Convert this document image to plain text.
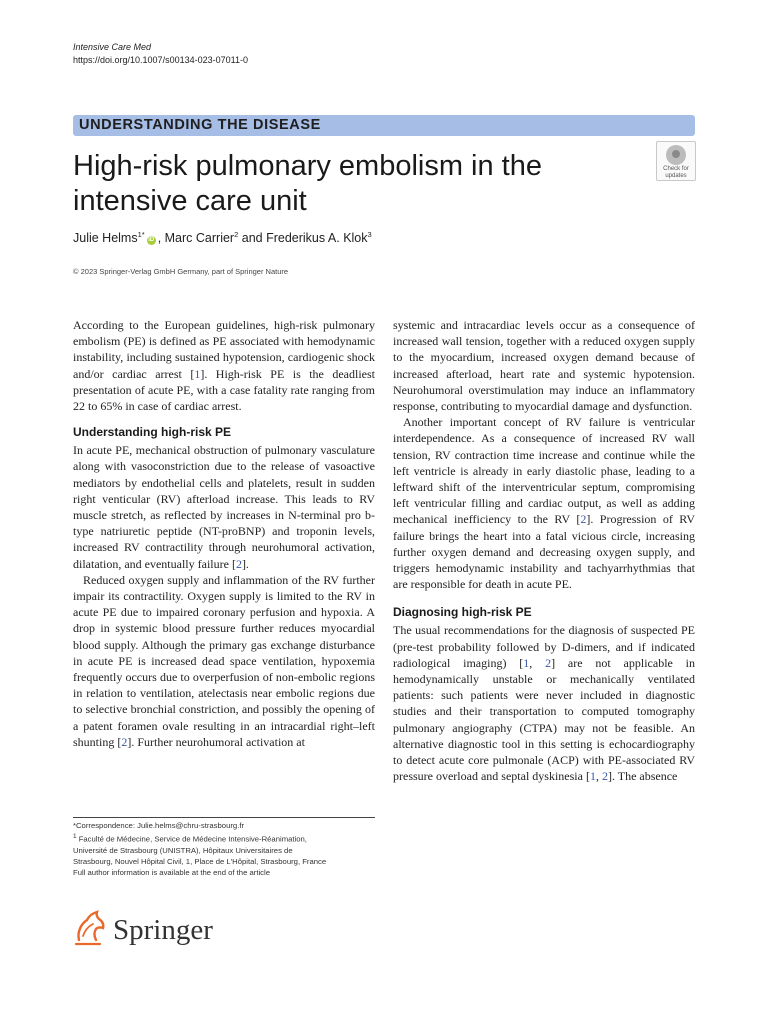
Intensive Care Med
https://doi.org/10.1007/s00134-023-07011-0
UNDERSTANDING THE DISEASE
High-risk pulmonary embolism in the intensive care unit
Check for
updates
Julie Helms$^{1*}$iD , Marc Carrier$^2$ and Frederikus A. Klok$^3$
© 2023 Springer-Verlag GmbH Germany, part of Springer Nature

According to the European guidelines, high-risk pulmonary embolism (PE) is defined as PE associated with hemodynamic instability, including sustained hypotension, cardiogenic shock and/or cardiac arrest [1]. High-risk PE is the deadliest presentation of acute PE, with a case fatality rate ranging from 22 to 65% in case of cardiac arrest.

Understanding high-risk PE

In acute PE, mechanical obstruction of pulmonary vasculature along with vasoconstriction due to the release of vasoactive mediators by endothelial cells and platelets, result in sudden right venticular (RV) afterload increase. This leads to RV muscle stretch, as reflected by increases in N-terminal pro b-type natriuretic peptide (NT-proBNP) and troponin levels, increased RV contractility through neurohumoral activation, dilatation, and eventually failure [2].

Reduced oxygen supply and inflammation of the RV further impair its contractility. Oxygen supply is limited to the RV in acute PE due to impaired coronary perfusion and hypoxia. A drop in systemic blood pressure further reduces myocardial blood supply. Although the primary gas exchange disturbance in acute PE is increased dead space ventilation, hypoxemia frequently occurs due to overperfusion of non-embolic regions in relation to ventilation, atelectasis near embolic regions due to selective bronchial constriction, and possibly the opening of a patent foramen ovale resulting in an intracardial right–left shunting [2]. Further neurohumoral activation at

systemic and intracardiac levels occur as a consequence of increased wall tension, together with a reduced oxygen supply to the myocardium, increased oxygen demand because of increased afterload, heart rate and systemic hypotension. Neurohumoral overstimulation may induce an inflammatory response, contributing to myocardial damage and dysfunction.

Another important concept of RV failure is ventricular interdependence. As a consequence of increased RV wall tension, RV contraction time increase and continue while the left ventricle is already in early diastolic phase, leading to a leftward shift of the interventricular septum, compromising left ventricular filling and cardiac output, as well as adding mechanical inefficiency to the RV [2]. Progression of RV failure brings the heart into a fatal vicious circle, increasing further oxygen demand and decreasing oxygen supply, and triggers hemodynamic instability and tachyarrhythmias that are responsible for death in acute PE.

Diagnosing high-risk PE

The usual recommendations for the diagnosis of suspected PE (pre-test probability followed by D-dimers, and if indicated radiological imaging) [1, 2] are not applicable in hemodynamically unstable or mechanically ventilated patients: such patients were never included in diagnostic studies and their transportation to computed tomography pulmonary angiography (CTPA) may not be feasible. An alternative diagnostic tool in this setting is echocardiography to detect acute core pulmonale (ACP) with PE-associated RV pressure overload and septal dyskinesia [1, 2]. The absence

*Correspondence: Julie.helms@chru-strasbourg.fr
$^1$ Faculté de Médecine, Service de Médecine Intensive-Réanimation,
Université de Strasbourg (UNISTRA), Hôpitaux Universitaires de
Strasbourg, Nouvel Hôpital Civil, 1, Place de L'Hôpital, Strasbourg, France
Full author information is available at the end of the article
Springer
